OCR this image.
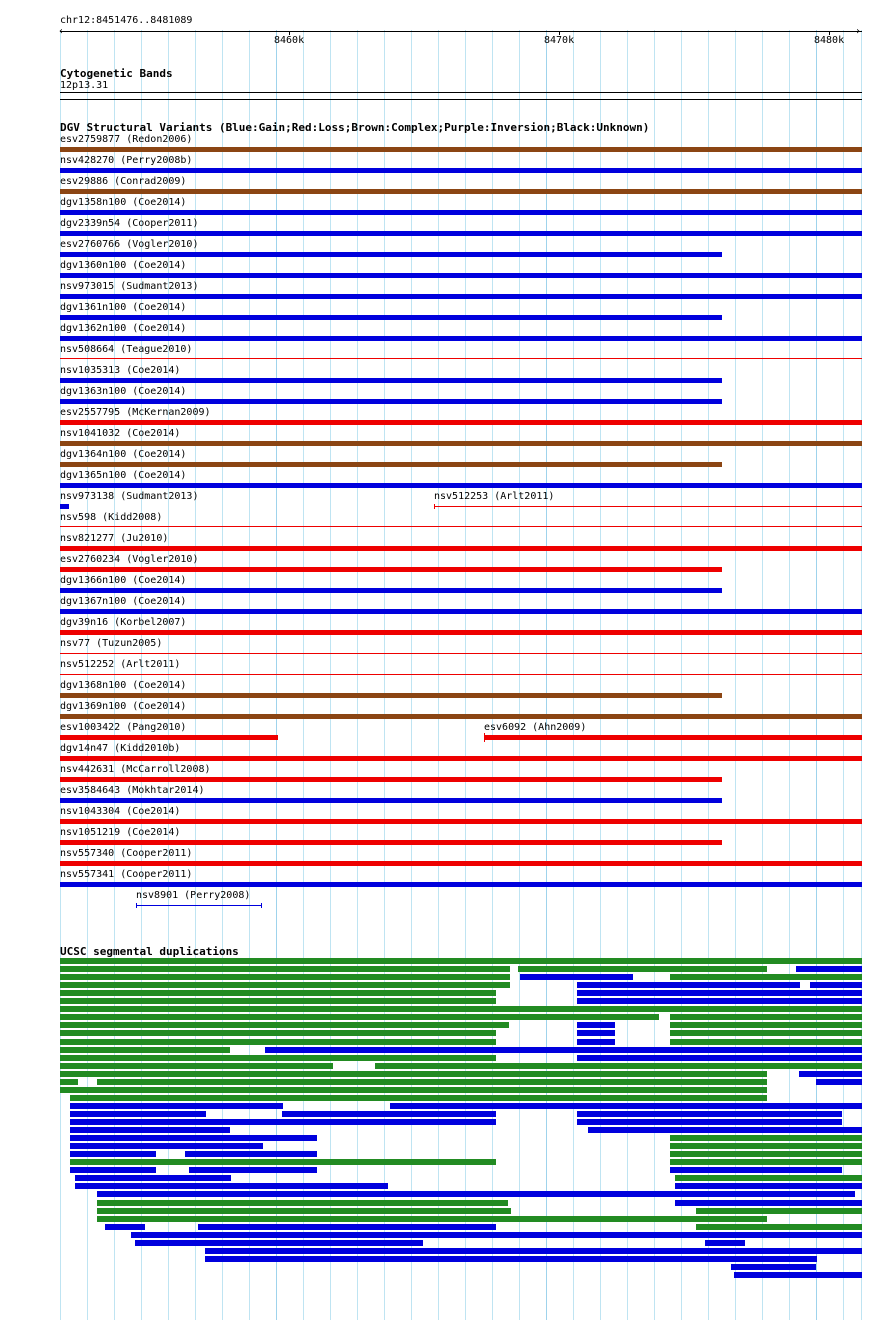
chr12:8451476..8481089
‹	›
8460k	8470k	8480k
Cytogenetic Bands
12p13.31
DGV Structural Variants (Blue:Gain;Red:Loss;Brown:Complex;Purple:Inversion;Black:Unknown)
esv2759877 (Redon2006)
nsv428270 (Perry2008b)
esv29886 (Conrad2009)
dgv1358n100 (Coe2014)
dgv2339n54 (Cooper2011)
esv2760766 (Vogler2010)
dgv1360n100 (Coe2014)
nsv973015 (Sudmant2013)
dgv1361n100 (Coe2014)
dgv1362n100 (Coe2014)
nsv508664 (Teague2010)
nsv1035313 (Coe2014)
dgv1363n100 (Coe2014)
esv2557795 (McKernan2009)
nsv1041032 (Coe2014)
dgv1364n100 (Coe2014)
dgv1365n100 (Coe2014)
nsv973138 (Sudmant2013)	nsv512253 (Arlt2011)
nsv598 (Kidd2008)
nsv821277 (Ju2010)
esv2760234 (Vogler2010)
dgv1366n100 (Coe2014)
dgv1367n100 (Coe2014)
dgv39n16 (Korbel2007)
nsv77 (Tuzun2005)
nsv512252 (Arlt2011)
dgv1368n100 (Coe2014)
dgv1369n100 (Coe2014)
esv1003422 (Pang2010)	esv6092 (Ahn2009)
dgv14n47 (Kidd2010b)
nsv442631 (McCarroll2008)
esv3584643 (Mokhtar2014)
nsv1043304 (Coe2014)
nsv1051219 (Coe2014)
nsv557340 (Cooper2011)
nsv557341 (Cooper2011)
nsv8901 (Perry2008)
UCSC segmental duplications
